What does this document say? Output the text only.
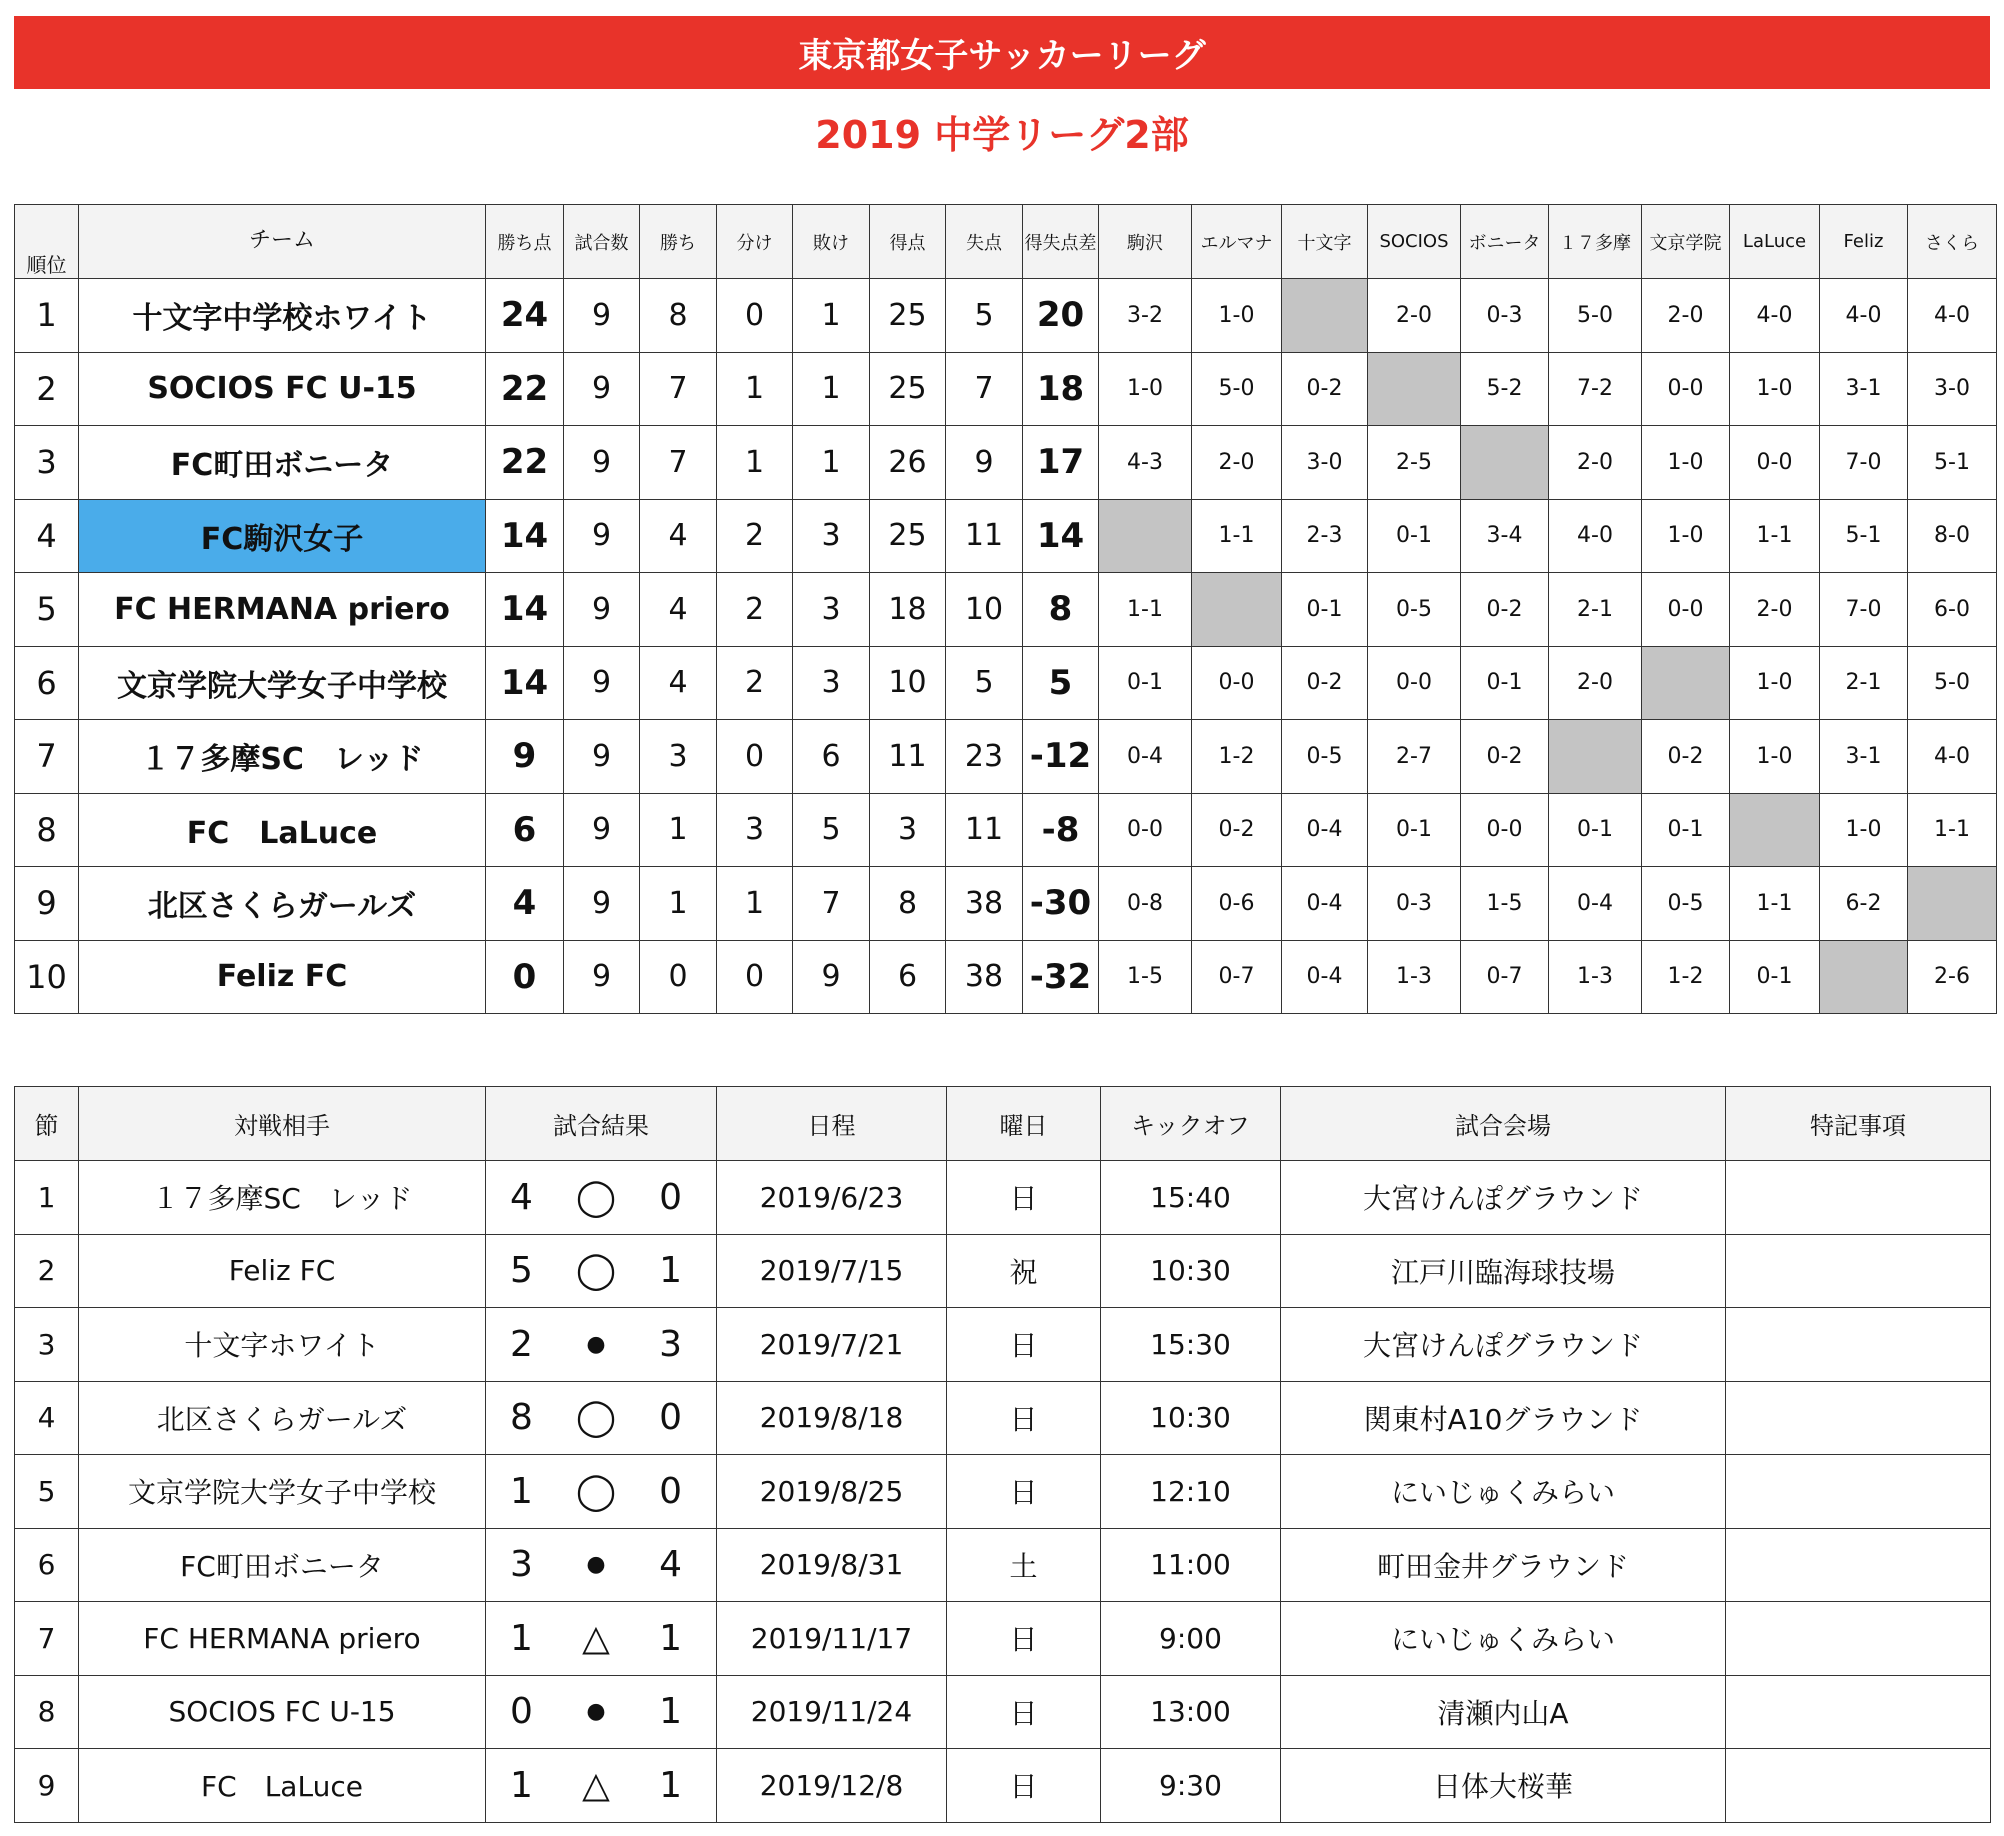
東京都女子サッカーリーグ
2019 中学リーグ2部
順位	チーム	勝ち点	試合数	勝ち	分け	敗け	得点	失点	得失点差	駒沢	エルマナ	十文字	SOCIOS	ボニータ	１７多摩	文京学院	LaLuce	Feliz	さくら
1	十文字中学校ホワイト	24	9	8	0	1	25	5	20	3-2	1-0		2-0	0-3	5-0	2-0	4-0	4-0	4-0
2	SOCIOS FC U-15	22	9	7	1	1	25	7	18	1-0	5-0	0-2		5-2	7-2	0-0	1-0	3-1	3-0
3	FC町田ボニータ	22	9	7	1	1	26	9	17	4-3	2-0	3-0	2-5		2-0	1-0	0-0	7-0	5-1
4	FC駒沢女子	14	9	4	2	3	25	11	14		1-1	2-3	0-1	3-4	4-0	1-0	1-1	5-1	8-0
5	FC HERMANA priero	14	9	4	2	3	18	10	8	1-1		0-1	0-5	0-2	2-1	0-0	2-0	7-0	6-0
6	文京学院大学女子中学校	14	9	4	2	3	10	5	5	0-1	0-0	0-2	0-0	0-1	2-0		1-0	2-1	5-0
7	１７多摩SC　レッド	9	9	3	0	6	11	23	-12	0-4	1-2	0-5	2-7	0-2		0-2	1-0	3-1	4-0
8	FC　LaLuce	6	9	1	3	5	3	11	-8	0-0	0-2	0-4	0-1	0-0	0-1	0-1		1-0	1-1
9	北区さくらガールズ	4	9	1	1	7	8	38	-30	0-8	0-6	0-4	0-3	1-5	0-4	0-5	1-1	6-2	
10	Feliz FC	0	9	0	0	9	6	38	-32	1-5	0-7	0-4	1-3	0-7	1-3	1-2	0-1		2-6
節	対戦相手	試合結果	日程	曜日	キックオフ	試合会場	特記事項
1	１７多摩SC　レッド	4 ◯ 0	2019/6/23	日	15:40	大宮けんぽグラウンド	
2	Feliz FC	5 ◯ 1	2019/7/15	祝	10:30	江戸川臨海球技場	
3	十文字ホワイト	2 ● 3	2019/7/21	日	15:30	大宮けんぽグラウンド	
4	北区さくらガールズ	8 ◯ 0	2019/8/18	日	10:30	関東村A10グラウンド	
5	文京学院大学女子中学校	1 ◯ 0	2019/8/25	日	12:10	にいじゅくみらい	
6	FC町田ボニータ	3 ● 4	2019/8/31	土	11:00	町田金井グラウンド	
7	FC HERMANA priero	1 △ 1	2019/11/17	日	9:00	にいじゅくみらい	
8	SOCIOS FC U-15	0 ● 1	2019/11/24	日	13:00	清瀬内山A	
9	FC　LaLuce	1 △ 1	2019/12/8	日	9:30	日体大桜華	
